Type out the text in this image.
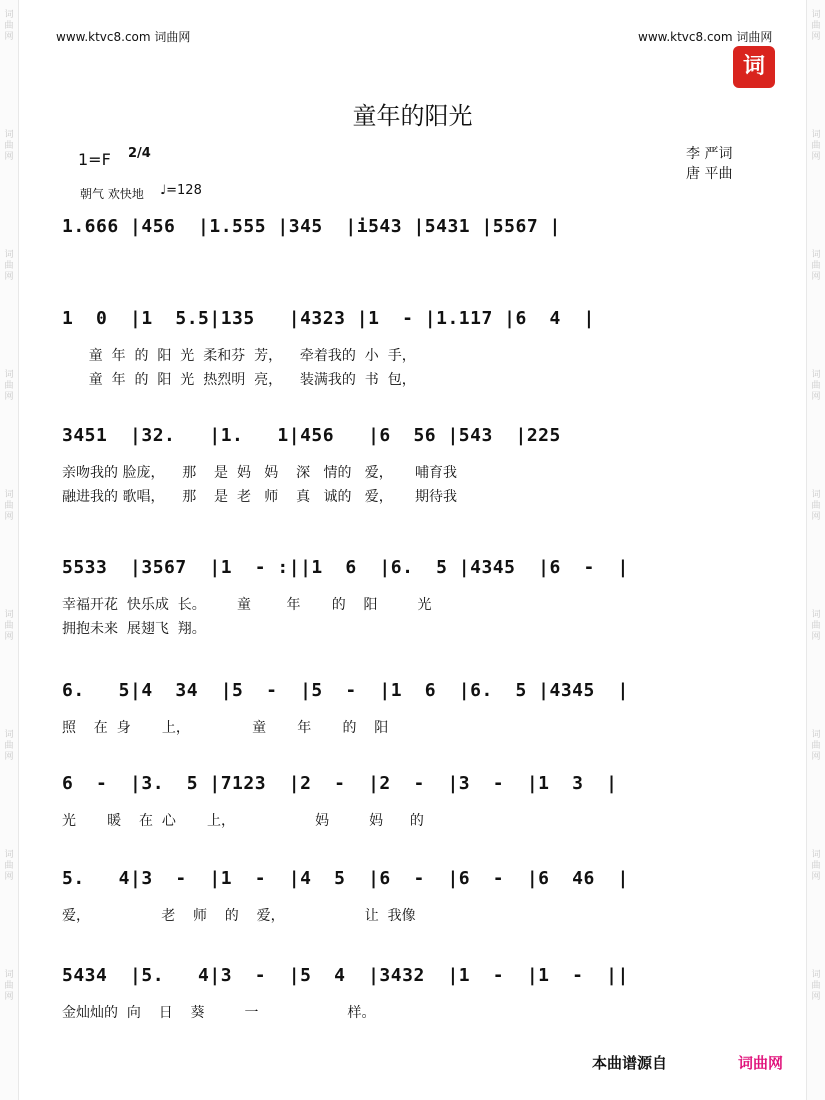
词曲网
词曲网
词曲网
词曲网
词曲网
词曲网
词曲网
词曲网
词曲网
词曲网
词曲网
词曲网
词曲网
词曲网
词曲网
词曲网
词曲网
词曲网
www.ktvc8.com 词曲网	www.ktvc8.com 词曲网
词
童年的阳光
1=F 2/4
朝气 欢快地 ♩=128
李 严词
唐 平曲
1.666 |456  |1.555 |345  |i543 |5431 |5567 |
1  0  |1  5.5|135   |4323 |1  - |1.117 |6  4  |
童  年  的  阳  光  柔和芬  芳，    牵着我的  小  手，
童  年  的  阳  光  热烈明  亮，    装满我的  书  包，
3451  |32.   |1.   1|456   |6  56 |543  |225
亲吻我的 脸庞，    那    是  妈   妈    深   情的   爱，     哺育我
融进我的 歌唱，    那    是  老   师    真   诚的   爱，     期待我
5533  |3567  |1  - :||1  6  |6.  5 |4345  |6  -  |
幸福开花  快乐成  长。       童        年       的    阳         光
拥抱未来  展翅飞  翔。
6.   5|4  34  |5  -  |5  -  |1  6  |6.  5 |4345  |
照    在  身       上，              童       年       的    阳
6  -  |3.  5 |7123  |2  -  |2  -  |3  -  |1  3  |
光       暖    在  心       上，                  妈         妈      的
5.   4|3  -  |1  -  |4  5  |6  -  |6  -  |6  46  |
爱，                老    师    的    爱，                  让  我像
5434  |5.   4|3  -  |5  4  |3432  |1  -  |1  -  ||
金灿灿的  向    日    葵         一                    样。
本曲谱源自	词曲网
